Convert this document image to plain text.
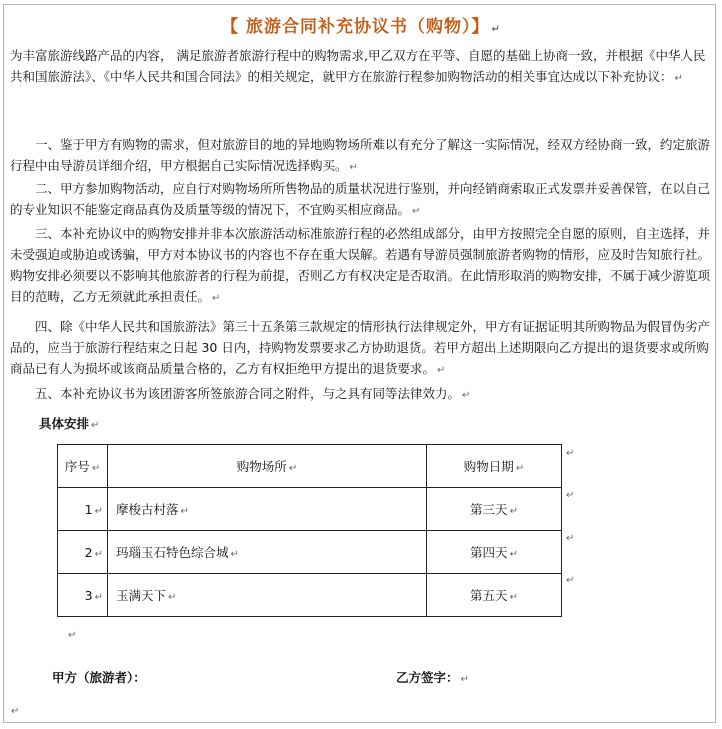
【 旅游合同补充协议书（购物）】 ↵
为丰富旅游线路产品的内容， 满足旅游者旅游行程中的购物需求,甲乙双方在平等、自愿的基础上协商一致，并根据《中华人民共和国旅游法》、《中华人民共和国合同法》的相关规定，就甲方在旅游行程参加购物活动的相关事宜达成以下补充协议： ↵
一、鉴于甲方有购物的需求，但对旅游目的地的异地购物场所难以有充分了解这一实际情况，经双方经协商一致，约定旅游行程中由导游员详细介绍，甲方根据自己实际情况选择购买。 ↵
二、甲方参加购物活动，应自行对购物场所所售物品的质量状况进行鉴别，并向经销商索取正式发票并妥善保管，在以自己的专业知识不能鉴定商品真伪及质量等级的情况下，不宜购买相应商品。 ↵
三、本补充协议中的购物安排并非本次旅游活动标准旅游行程的必然组成部分，由甲方按照完全自愿的原则，自主选择，并未受强迫或胁迫或诱骗，甲方对本协议书的内容也不存在重大误解。若遇有导游员强制旅游者购物的情形，应及时告知旅行社。购物安排必须要以不影响其他旅游者的行程为前提，否则乙方有权决定是否取消。在此情形取消的购物安排，不属于减少游览项目的范畴，乙方无须就此承担责任。 ↵
四、除《中华人民共和国旅游法》第三十五条第三款规定的情形执行法律规定外，甲方有证据证明其所购物品为假冒伪劣产品的，应当于旅游行程结束之日起 30 日内，持购物发票要求乙方协助退货。若甲方超出上述期限向乙方提出的退货要求或所购商品已有人为损坏或该商品质量合格的，乙方有权拒绝甲方提出的退货要求。 ↵
五、本补充协议书为该团游客所签旅游合同之附件，与之具有同等法律效力。 ↵
具体安排 ↵
序号 ↵	购物场所 ↵	购物日期 ↵
1 ↵	摩梭古村落 ↵	第三天 ↵
2 ↵	玛瑙玉石特色综合城 ↵	第四天 ↵
3 ↵	玉满天下 ↵	第五天 ↵
↵
↵
↵
↵
↵
甲方（旅游者）：	乙方签字： ↵
↵
